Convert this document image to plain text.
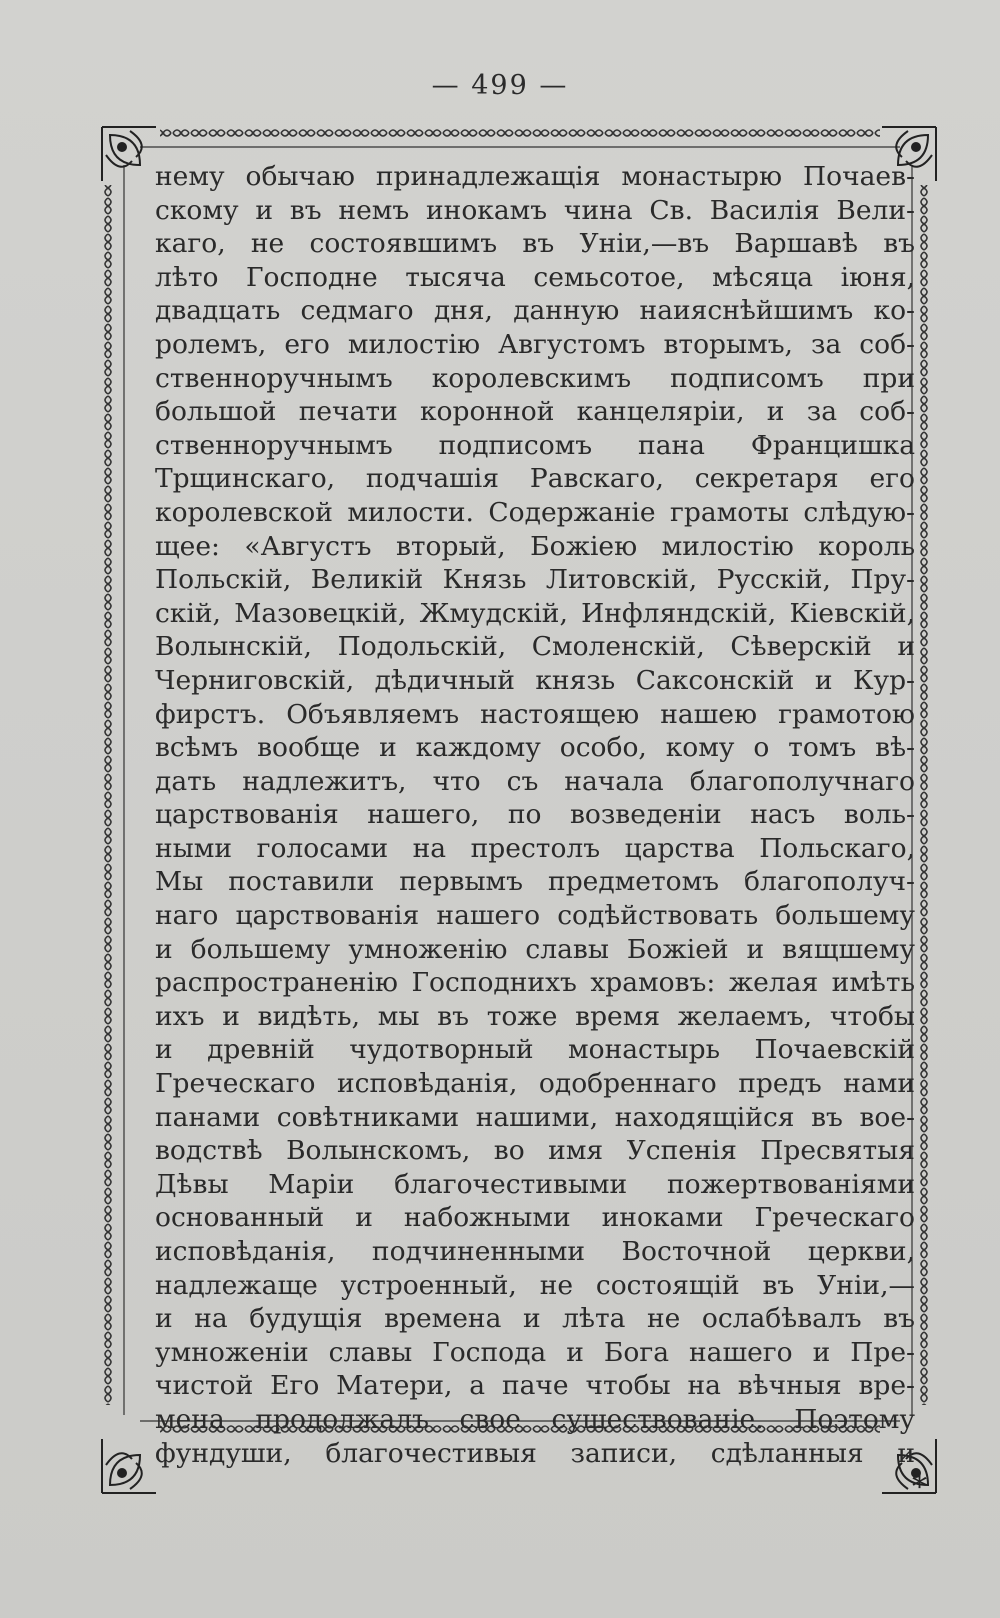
— 499 —
нему обычаю принадлежащія монастырю Почаев-
скому и въ немъ инокамъ чина Св. Василія Вели-
каго, не состоявшимъ въ Уніи,—въ Варшавѣ въ
лѣто Господне тысяча семьсотое, мѣсяца іюня,
двадцать седмаго дня, данную наияснѣйшимъ ко-
ролемъ, его милостію Августомъ вторымъ, за соб-
ственноручнымъ королевскимъ подписомъ при
большой печати коронной канцеляріи, и за соб-
ственноручнымъ подписомъ пана Францишка
Трщинскаго, подчашія Равскаго, секретаря его
королевской милости. Содержаніе грамоты слѣдую-
щее: «Августъ вторый, Божіею милостію король
Польскій, Великій Князь Литовскій, Русскій, Пру-
скій, Мазовецкій, Жмудскій, Инфляндскій, Кіевскій,
Волынскій, Подольскій, Смоленскій, Сѣверскій и
Черниговскій, дѣдичный князь Саксонскій и Кур-
фирстъ. Объявляемъ настоящею нашею грамотою
всѣмъ вообще и каждому особо, кому о томъ вѣ-
дать надлежитъ, что съ начала благополучнаго
царствованія нашего, по возведеніи насъ воль-
ными голосами на престолъ царства Польскаго,
Мы поставили первымъ предметомъ благополуч-
наго царствованія нашего содѣйствовать большему
и большему умноженію славы Божіей и вящшему
распространенію Господнихъ храмовъ: желая имѣть
ихъ и видѣть, мы въ тоже время желаемъ, чтобы
и древній чудотворный монастырь Почаевскій
Греческаго исповѣданія, одобреннаго предъ нами
панами совѣтниками нашими, находящійся въ вое-
водствѣ Волынскомъ, во имя Успенія Пресвятыя
Дѣвы Маріи благочестивыми пожертвованіями
основанный и набожными иноками Греческаго
исповѣданія, подчиненными Восточной церкви,
надлежаще устроенный, не состоящій въ Уніи,—
и на будущія времена и лѣта не ослабѣвалъ въ
умноженіи славы Господа и Бога нашего и Пре-
чистой Его Матери, а паче чтобы на вѣчныя вре-
мена продолжалъ свое существованіе. Поэтому
фундуши, благочестивыя записи, сдѣланныя и
*
